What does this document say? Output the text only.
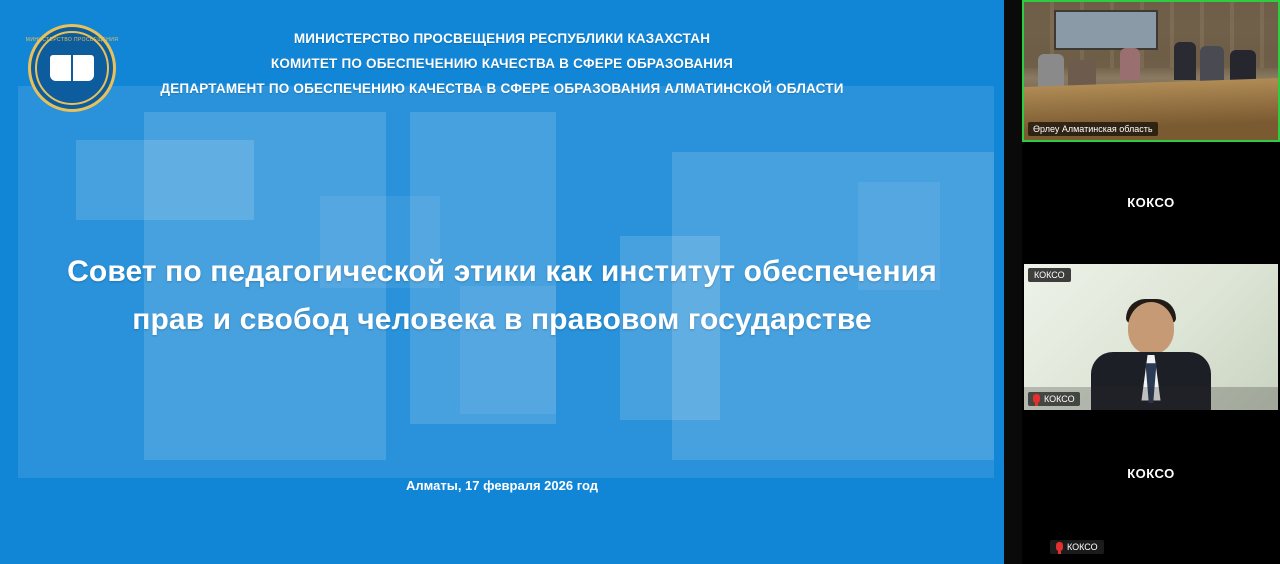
МИНИСТЕРСТВО ПРОСВЕЩЕНИЯ	МИНИСТЕРСТВО ПРОСВЕЩЕНИЯ РЕСПУБЛИКИ КАЗАХСТАН
КОМИТЕТ ПО ОБЕСПЕЧЕНИЮ КАЧЕСТВА В СФЕРЕ ОБРАЗОВАНИЯ
ДЕПАРТАМЕНТ ПО ОБЕСПЕЧЕНИЮ КАЧЕСТВА В СФЕРЕ ОБРАЗОВАНИЯ АЛМАТИНСКОЙ ОБЛАСТИ
Совет по педагогической этики как институт обеспечения прав и свобод человека в правовом государстве
Алматы, 17 февраля 2026 год
Өрлеу Алматинская область
КОКСО
КОКСО
КОКСО
КОКСО
КОКСО
